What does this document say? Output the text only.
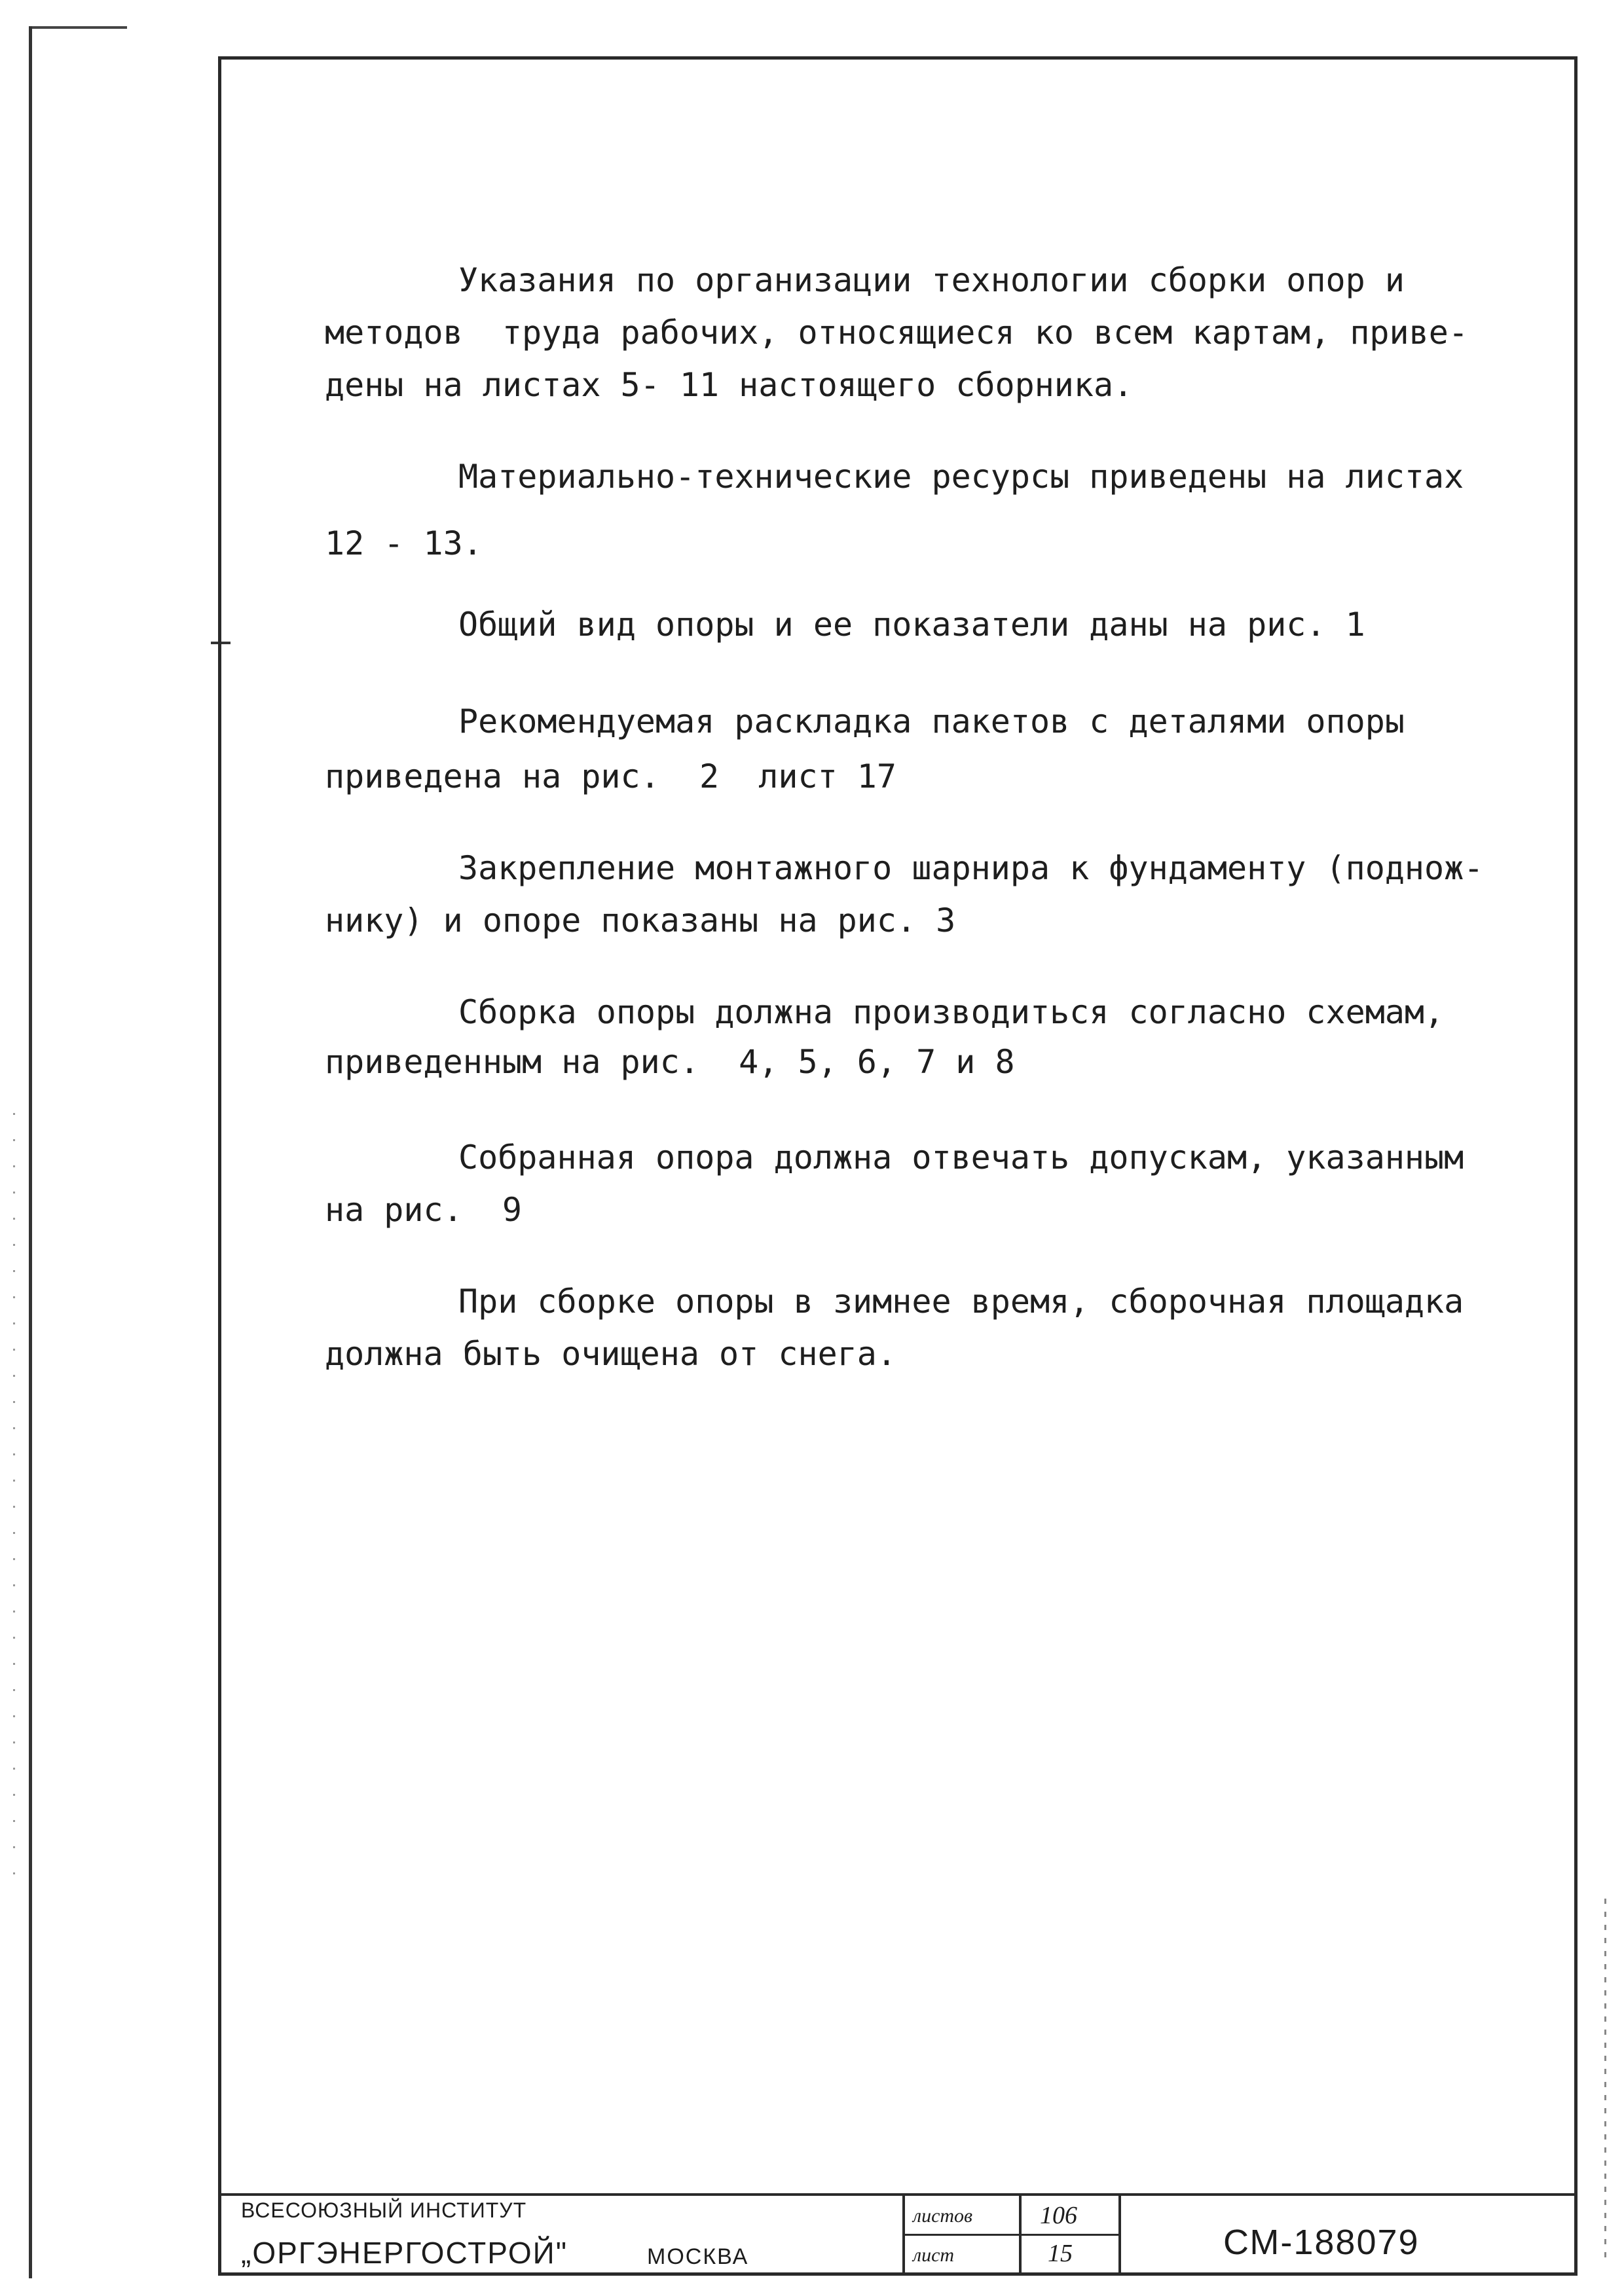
Указания по организации технологии сборки опор и
методов  труда рабочих, относящиеся ко всем картам, приве-
дены на листах 5- 11 настоящего сборника.
Материально-технические ресурсы приведены на листах
12 - 13.
Общий вид опоры и ее показатели даны на рис. 1
Рекомендуемая раскладка пакетов с деталями опоры
приведена на рис.  2  лист 17
Закрепление монтажного шарнира к фундаменту (поднож-
нику) и опоре показаны на рис. 3
Сборка опоры должна производиться согласно схемам,
приведенным на рис.  4, 5, 6, 7 и 8
Собранная опора должна отвечать допускам, указанным
на рис.  9
При сборке опоры в зимнее время, сборочная площадка
должна быть очищена от снега.
ВСЕСОЮЗНЫЙ ИНСТИТУТ
„ОРГЭНЕРГОСТРОЙ"	МОСКВА
листов	106
лист	15	СМ-188079
